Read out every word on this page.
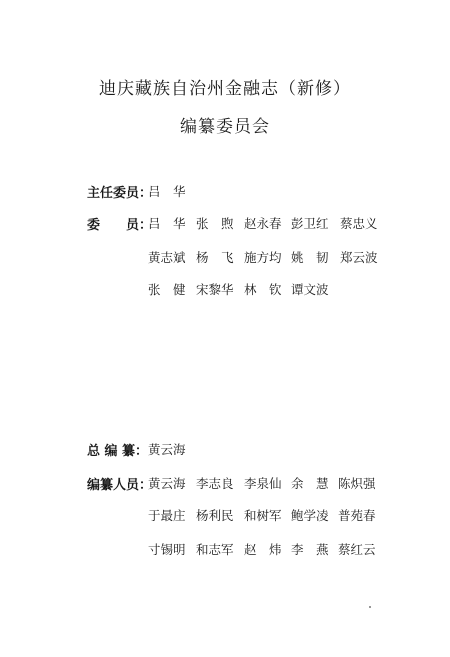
迪庆藏族自治州金融志（新修）
编纂委员会
主任委员：
吕　华
委　　员：
吕　华 张　煦 赵永春 彭卫红 蔡忠义
黄志斌 杨　飞 施方均 姚　韧 郑云波
张　健 宋黎华 林　钦 谭文波
总 编 纂： 黄云海
编纂人员：
黄云海 李志良 李泉仙 余　慧 陈炽强
于最庄 杨利民 和树军 鲍学凌 普苑春
寸锡明 和志军 赵　炜 李　燕 蔡红云
